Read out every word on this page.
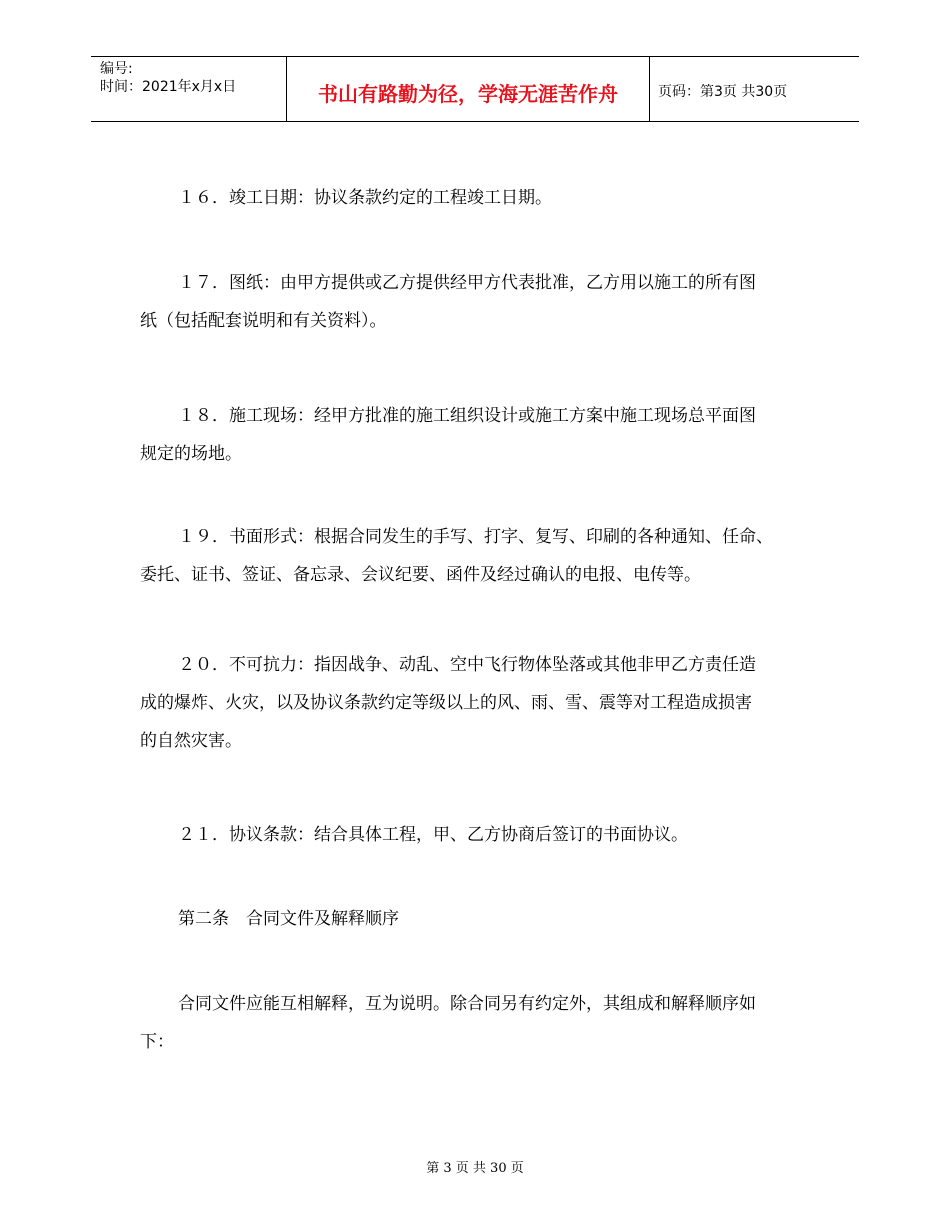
编号:
时间：2021年x月x日	书山有路勤为径，学海无涯苦作舟	页码：第3页 共30页

１６．竣工日期：协议条款约定的工程竣工日期。

１７．图纸：由甲方提供或乙方提供经甲方代表批准，乙方用以施工的所有图

纸（包括配套说明和有关资料）。

１８．施工现场：经甲方批准的施工组织设计或施工方案中施工现场总平面图

规定的场地。

１９．书面形式：根据合同发生的手写、打字、复写、印刷的各种通知、任命、

委托、证书、签证、备忘录、会议纪要、函件及经过确认的电报、电传等。

２０．不可抗力：指因战争、动乱、空中飞行物体坠落或其他非甲乙方责任造

成的爆炸、火灾，以及协议条款约定等级以上的风、雨、雪、震等对工程造成损害

的自然灾害。

２１．协议条款：结合具体工程，甲、乙方协商后签订的书面协议。

第二条　合同文件及解释顺序

合同文件应能互相解释，互为说明。除合同另有约定外，其组成和解释顺序如

下：

第 3 页 共 30 页
